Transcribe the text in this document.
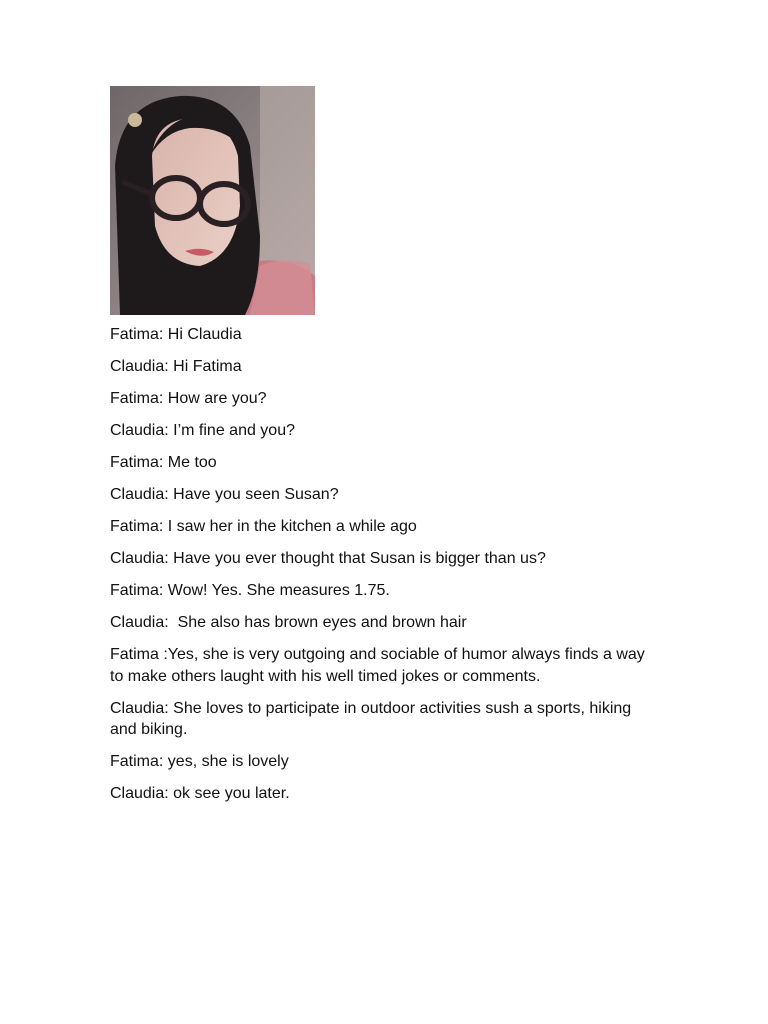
Fatima: Hi Claudia

Claudia: Hi Fatima

Fatima: How are you?

Claudia: I’m fine and you?

Fatima: Me too

Claudia: Have you seen Susan?

Fatima: I saw her in the kitchen a while ago

Claudia: Have you ever thought that Susan is bigger than us?

Fatima: Wow! Yes. She measures 1.75.

Claudia:  She also has brown eyes and brown hair

Fatima :Yes, she is very outgoing and sociable of humor always finds a way to make others laught with his well timed jokes or comments.

Claudia: She loves to participate in outdoor activities sush a sports, hiking and biking.

Fatima: yes, she is lovely

Claudia: ok see you later.
